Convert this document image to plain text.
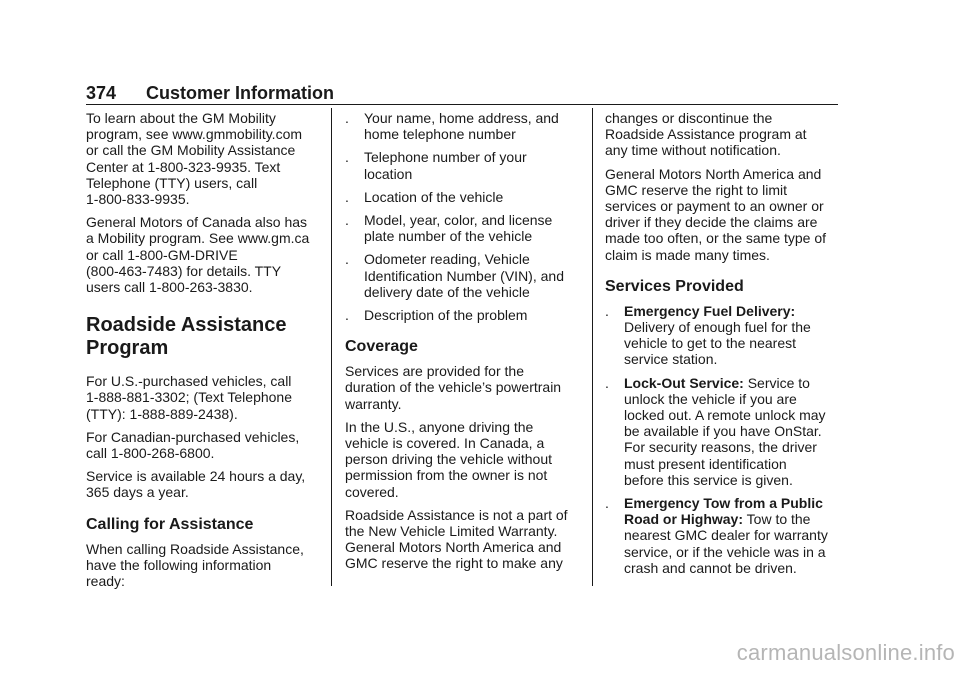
374 Customer Information

To learn about the GM Mobility
program, see www.gmmobility.com
or call the GM Mobility Assistance
Center at 1-800-323-9935. Text
Telephone (TTY) users, call
1-800-833-9935.

General Motors of Canada also has
a Mobility program. See www.gm.ca
or call 1-800-GM-DRIVE
(800-463-7483) for details. TTY
users call 1-800-263-3830.

Roadside Assistance
Program

For U.S.-purchased vehicles, call
1-888-881-3302; (Text Telephone
(TTY): 1-888-889-2438).

For Canadian-purchased vehicles,
call 1-800-268-6800.

Service is available 24 hours a day,
365 days a year.

Calling for Assistance

When calling Roadside Assistance,
have the following information
ready:

. Your name, home address, and
home telephone number
. Telephone number of your
location
. Location of the vehicle
. Model, year, color, and license
plate number of the vehicle
. Odometer reading, Vehicle
Identification Number (VIN), and
delivery date of the vehicle
. Description of the problem
Coverage

Services are provided for the
duration of the vehicle’s powertrain
warranty.

In the U.S., anyone driving the
vehicle is covered. In Canada, a
person driving the vehicle without
permission from the owner is not
covered.

Roadside Assistance is not a part of
the New Vehicle Limited Warranty.
General Motors North America and
GMC reserve the right to make any

changes or discontinue the
Roadside Assistance program at
any time without notification.

General Motors North America and
GMC reserve the right to limit
services or payment to an owner or
driver if they decide the claims are
made too often, or the same type of
claim is made many times.

Services Provided
. Emergency Fuel Delivery:
Delivery of enough fuel for the
vehicle to get to the nearest
service station.
. Lock-Out Service: Service to
unlock the vehicle if you are
locked out. A remote unlock may
be available if you have OnStar.
For security reasons, the driver
must present identification
before this service is given.
. Emergency Tow from a Public
Road or Highway: Tow to the
nearest GMC dealer for warranty
service, or if the vehicle was in a
crash and cannot be driven.
carmanualsonline.info
